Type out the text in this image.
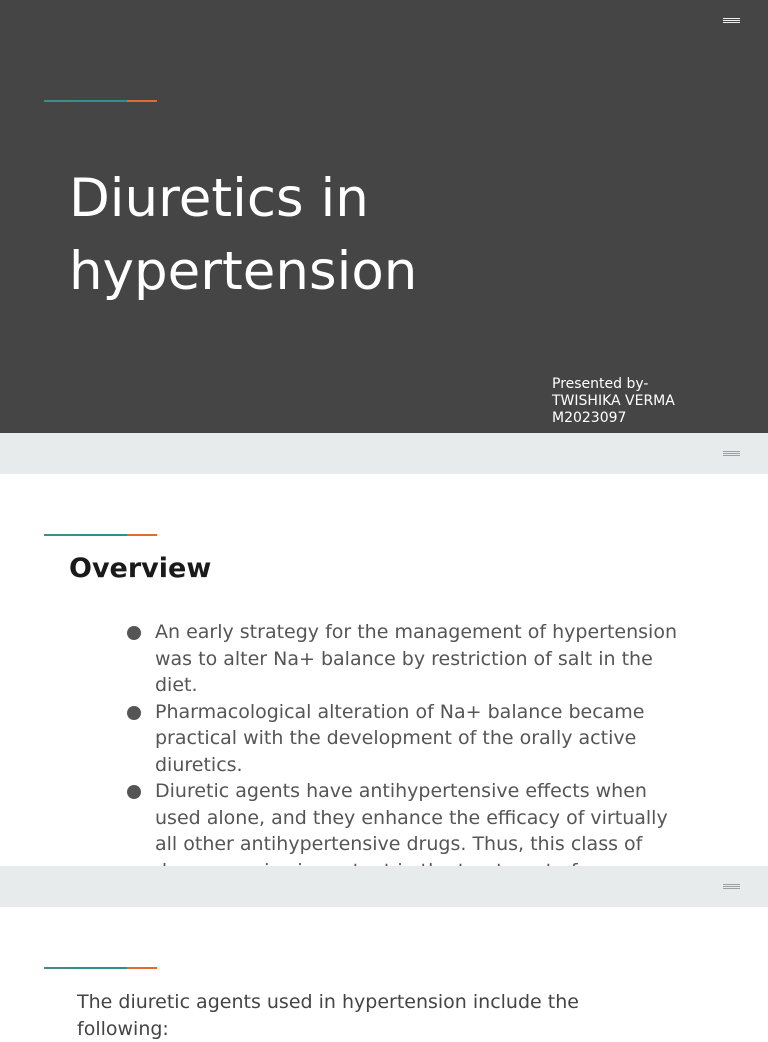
Diuretics in
hypertension
Presented by-
TWISHIKA VERMA
M2023097
Overview
An early strategy for the management of hypertension was to alter Na+ balance by restriction of salt in the diet.
Pharmacological alteration of Na+ balance became practical with the development of the orally active diuretics.
Diuretic agents have antihypertensive effects when used alone, and they enhance the efficacy of virtually all other antihypertensive drugs. Thus, this class of

The diuretic agents used in hypertension include the following:
